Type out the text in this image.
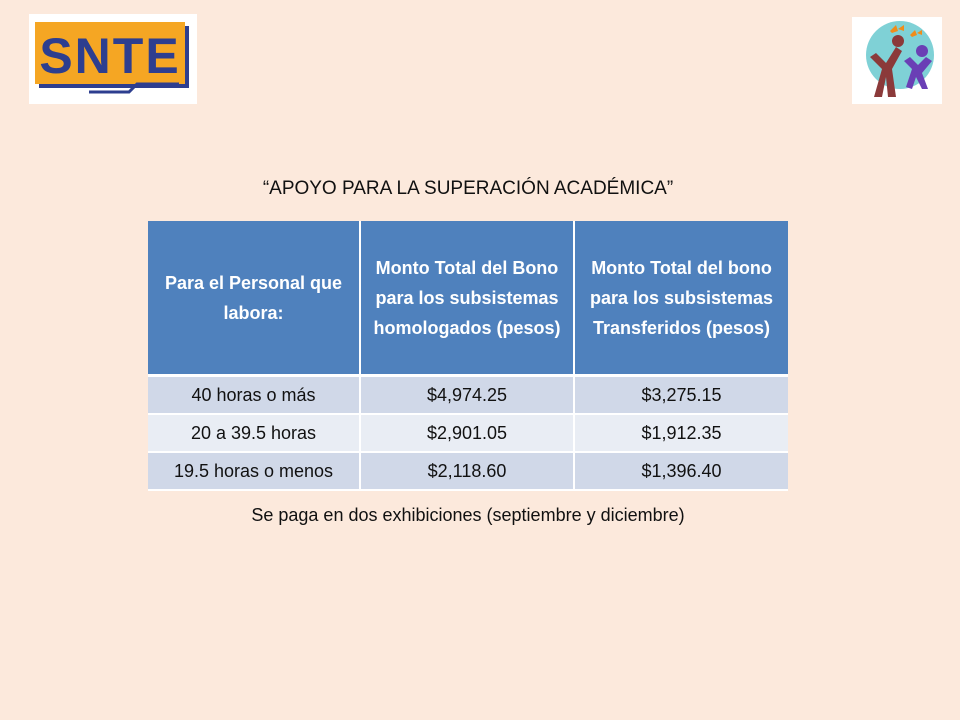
SNTE
“APOYO PARA LA SUPERACIÓN ACADÉMICA”
Para el Personal que labora:	Monto Total del Bono para los subsistemas homologados (pesos)	Monto Total del bono para los subsistemas Transferidos (pesos)
40 horas o más	$4,974.25	$3,275.15
20 a 39.5 horas	$2,901.05	$1,912.35
19.5 horas o menos	$2,118.60	$1,396.40
Se paga en dos exhibiciones (septiembre y diciembre)
